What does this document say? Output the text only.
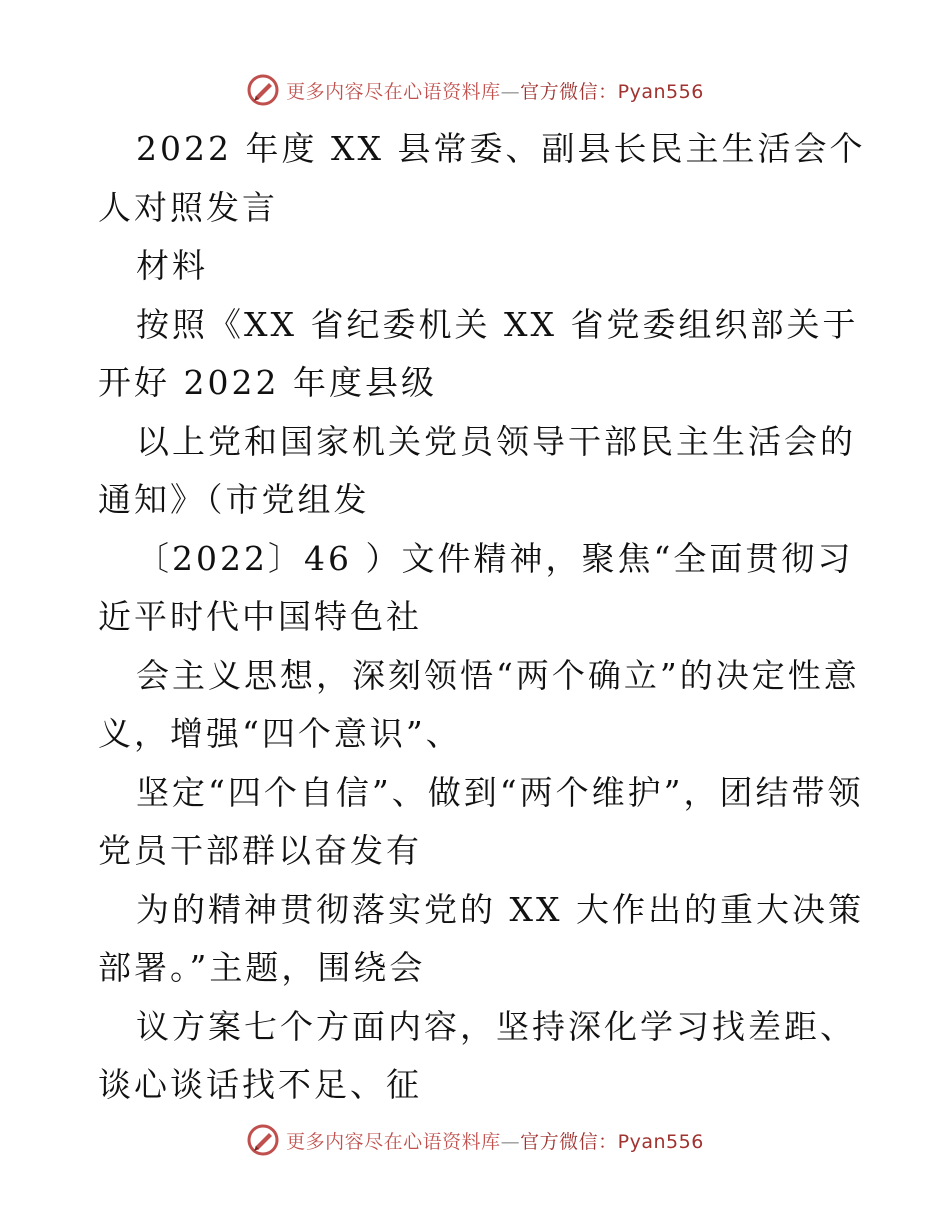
更多内容尽在心语资料库—官方微信：Pyan556

2022 年度 XX 县常委、副县长民主生活会个人对照发言

材料

按照《XX 省纪委机关 XX 省党委组织部关于开好 2022 年度县级

以上党和国家机关党员领导干部民主生活会的通知》（市党组发

〔2022〕46 ）文件精神，聚焦“全面贯彻习近平时代中国特色社

会主义思想，深刻领悟“两个确立”的决定性意义，增强“四个意识”、

坚定“四个自信”、做到“两个维护”，团结带领党员干部群以奋发有

为的精神贯彻落实党的 XX 大作出的重大决策部署。”主题，围绕会

议方案七个方面内容，坚持深化学习找差距、谈心谈话找不足、征

更多内容尽在心语资料库—官方微信：Pyan556
